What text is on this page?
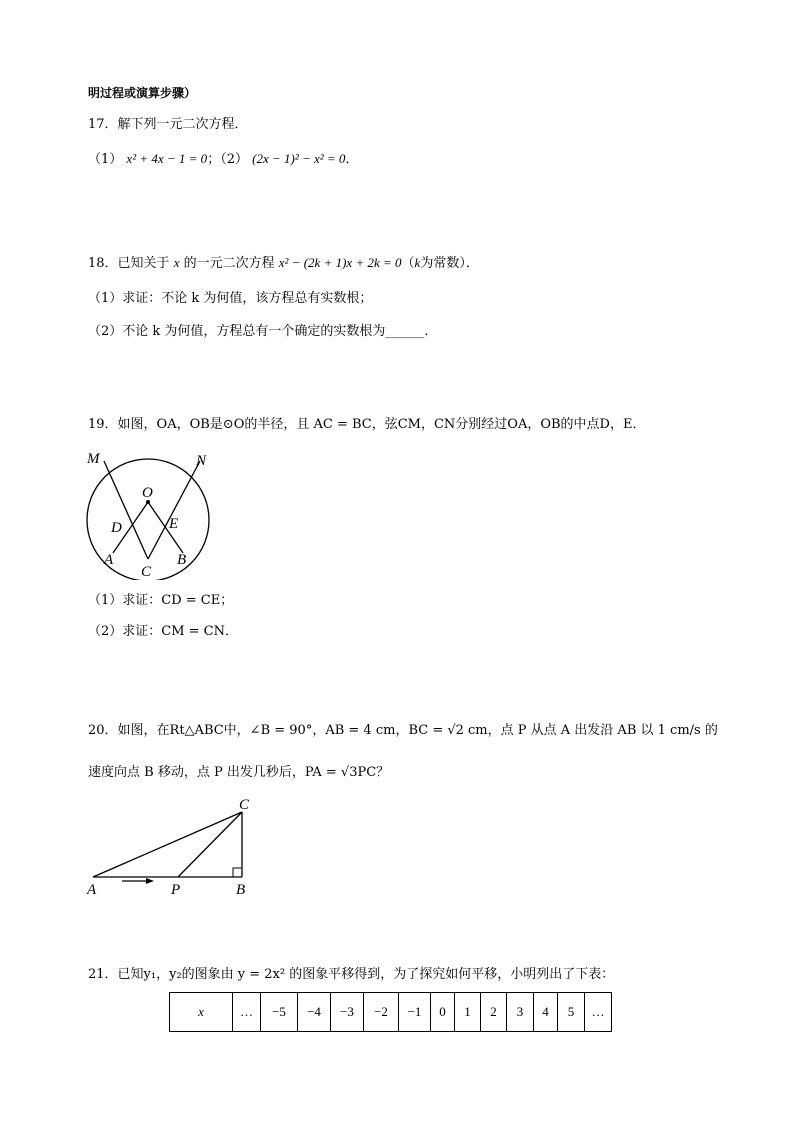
明过程或演算步骤）
17．解下列一元二次方程．
（1） x² + 4x − 1 = 0；（2） (2x − 1)² − x² = 0．
18．已知关于 x 的一元二次方程 x² − (2k + 1)x + 2k = 0（k为常数）．
（1）求证：不论 k 为何值，该方程总有实数根；
（2）不论 k 为何值，方程总有一个确定的实数根为______．
19．如图，OA，OB是⊙O的半径，且 AC = BC，弦CM，CN分别经过OA，OB的中点D，E．
M	N
O
D	E
A	B
C
（1）求证：CD = CE；
（2）求证：CM = CN．
20．如图，在Rt△ABC中，∠B = 90°，AB = 4 cm，BC = √2 cm，点 P 从点 A 出发沿 AB 以 1 cm/s 的
速度向点 B 移动，点 P 出发几秒后，PA = √3PC？
A	P	B
C
21．已知y₁，y₂的图象由 y = 2x² 的图象平移得到，为了探究如何平移，小明列出了下表：
x	…	−5	−4	−3	−2	−1	0	1	2	3	4	5	…
